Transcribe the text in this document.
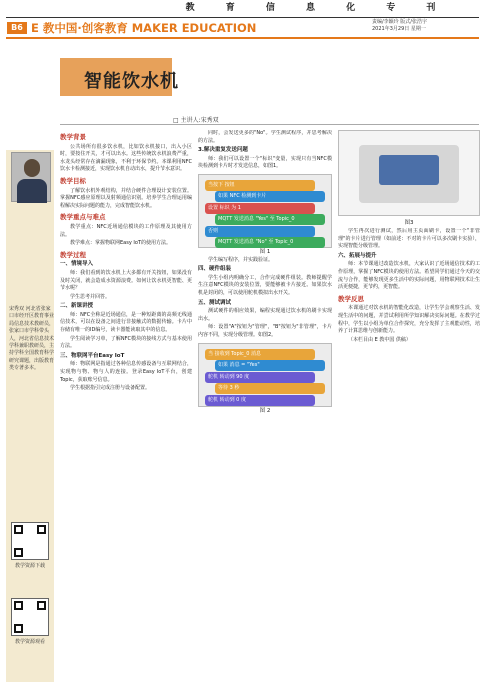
教 育 信 息 化 专 刊
B6 E 教中国·创客教育 MAKER EDUCATION	责编/李颖玲 版式/张浩宇
2021年3月29日 星期一
智能饮水机
□ 主讲人:宋秀双
宋秀双 河北省张家口市经开区教育事业局信息技术教研员，张家口市学科带头人，河北省信息技术学科兼职教研员，主持学科全国教育科学研究课题，出版教育类专著多本。
教学资源下载
教学资源观看
教学背景

公共场所有很多饮水机，比如饮水机接口，出入小区时，要按住开关，才可以出水。这些传统饮水机浪费严重，水龙头经常存在滴漏现象，不利于环保节约。本课利用NFC饮水卡检测接近，实现饮水机自动出水，提升节水意识。

教学目标

了解饮水机外观结构，并结合硬件合理设计安装位置。掌握NFC感应原理以及射频通信识别。培养学生合理运用编程解决实际问题的能力，完成智能饮水机。

教学重点与难点

教学重点：NFC近场通信模块的工作原理及其使用方法。

教学难点：掌握物联网Easy IoT的使用方法。

教学过程
一、情境导入

师：我们看到的饮水机上大多都有开关按钮，如果没有及时关闭，就会造成水资源浪费。如何让饮水机更智能、更节水呢？

学生思考并回答。

二、新课讲授

师：NFC全称是近场通信，是一种短距离的高频无线通信技术，可以在设备之间进行非接触式的数据传输。卡片中存储有唯一的ID编号，读卡器能读取其中的信息。

学生阅读学习单，了解NFC模块的接线方式与基本使用方法。

三、物联网平台Easy IoT

师：物联网是指通过各种信息传感设备与互联网结合，实现物与物、物与人的连接。登录Easy IoT平台，创建Topic，获取账号信息。

学生根据指引完成注册与设备配置。

同时，会发送更多的"No"。学生测试程序，并思考解决的方法。

3.解决重复发送问题

师：我们可以设置一个"标识"变量，实现只有当NFC模块检测到卡片时才发送信息，如图1。

当按下 按钮
如果 NFC 检测到卡片
设置 标识 为 1
MQTT 发送消息 "Yes" 至 Topic_0
否则
MQTT 发送消息 "No" 至 Topic_0
图 1

学生编写程序，并实践验证。

四、硬件组装

学生小组内明确分工，合作完成硬件组装。教师提醒学生注意NFC模块的安装位置，要能够被卡片接近。如果饮水机是封闭的，可以使用舵机模拟出水开关。

五、测试调试

测试硬件的相应效果，编程实现通过饮水机的刷卡实现出水。

师：设置"A"按钮为"管理"，"B"按钮为"非管理"，卡片内容不同，实现分级管理。如图2。

当 接收到 Topic_0 消息
如果 消息 = "Yes"
舵机 转动到 90 度
等待 3 秒
舵机 转动到 0 度
图 2
图3

学生再次进行测试，然后用主页面刷卡，设置一个"非管理"的卡片进行管理（如前述：不对的卡片可以多次刷卡实验），实现智能分级管理。

六、拓展与提升

师：本节课通过改造饮水机，大家认识了近场通信技术的工作原理，掌握了NFC模块的使用方法。希望同学们通过今天的交流与合作，能够发现更多生活中的实际问题，用物联网技术让生活更便捷，更节约，更智能。

教学反思

本课通过对饮水机的智能化改造，让学生学会观察生活、发现生活中的问题，并尝试利用所学知识解决实际问题。在教学过程中，学生以小组为单位合作探究，充分发挥了主观能动性，培养了计算思维与创新能力。

（本栏目由 E 教中国 供稿）
